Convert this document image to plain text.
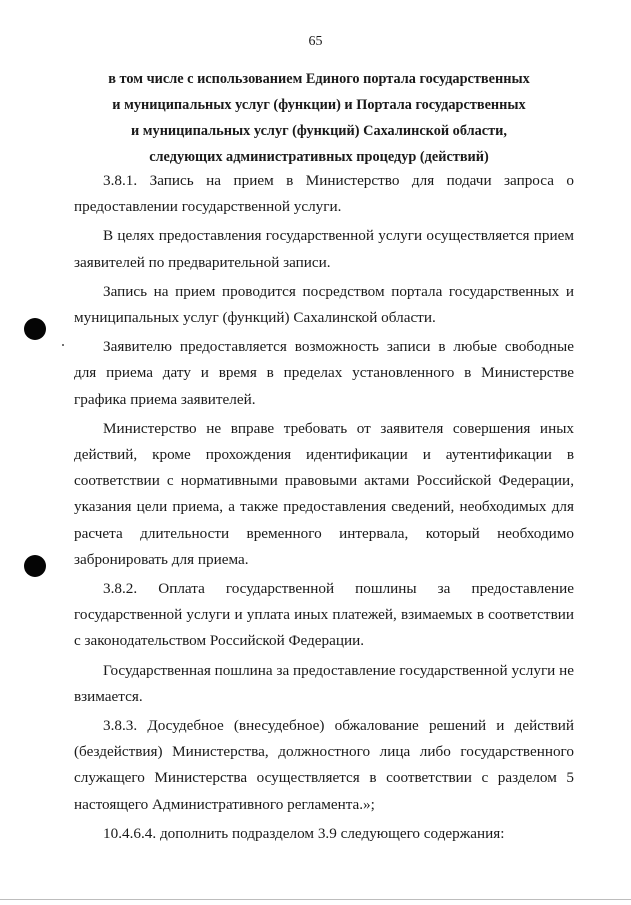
65
в том числе с использованием Единого портала государственных
и муниципальных услуг (функции) и Портала государственных
и муниципальных услуг (функций) Сахалинской области,
следующих административных процедур (действий)

3.8.1. Запись на прием в Министерство для подачи запроса о предоставлении государственной услуги.

В целях предоставления государственной услуги осуществляется прием заявителей по предварительной записи.

Запись на прием проводится посредством портала государственных и муниципальных услуг (функций) Сахалинской области.

Заявителю предоставляется возможность записи в любые свободные для приема дату и время в пределах установленного в Министерстве графика приема заявителей.

Министерство не вправе требовать от заявителя совершения иных действий, кроме прохождения идентификации и аутентификации в соответствии с нормативными правовыми актами Российской Федерации, указания цели приема, а также предоставления сведений, необходимых для расчета длительности временного интервала, который необходимо забронировать для приема.

3.8.2. Оплата государственной пошлины за предоставление государственной услуги и уплата иных платежей, взимаемых в соответствии с законодательством Российской Федерации.

Государственная пошлина за предоставление государственной услуги не взимается.

3.8.3. Досудебное (внесудебное) обжалование решений и действий (бездействия) Министерства, должностного лица либо государственного служащего Министерства осуществляется в соответствии с разделом 5 настоящего Административного регламента.»;

10.4.6.4. дополнить подразделом 3.9 следующего содержания:
